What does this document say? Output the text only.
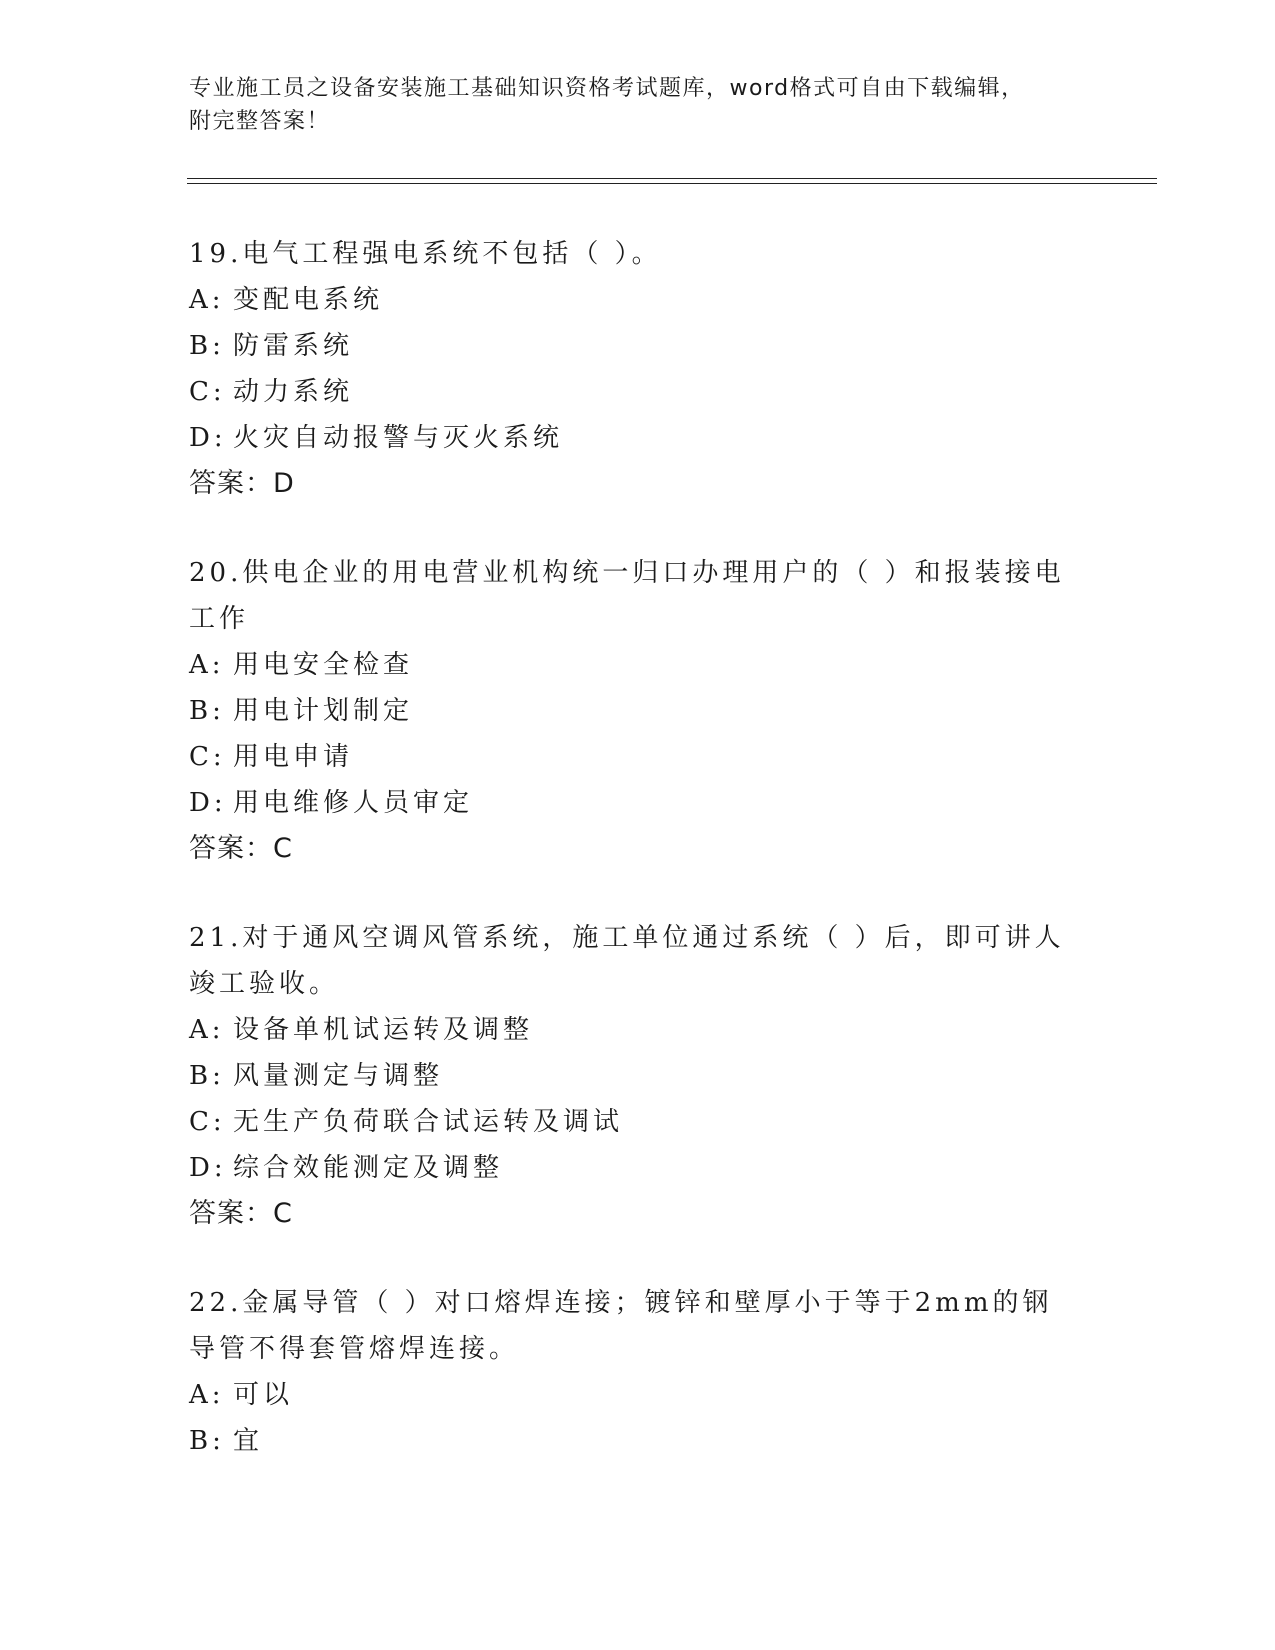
专业施工员之设备安装施工基础知识资格考试题库，word格式可自由下载编辑，
附完整答案！

19.电气工程强电系统不包括（ ）。

A: 变配电系统

B: 防雷系统

C: 动力系统

D: 火灾自动报警与灭火系统

答案：D

20.供电企业的用电营业机构统一归口办理用户的（ ）和报装接电工作

A: 用电安全检查

B: 用电计划制定

C: 用电申请

D: 用电维修人员审定

答案：C

21.对于通风空调风管系统，施工单位通过系统（ ）后，即可讲人竣工验收。

A: 设备单机试运转及调整

B: 风量测定与调整

C: 无生产负荷联合试运转及调试

D: 综合效能测定及调整

答案：C

22.金属导管（ ）对口熔焊连接；镀锌和壁厚小于等于2mm的钢导管不得套管熔焊连接。

A: 可以

B: 宜
